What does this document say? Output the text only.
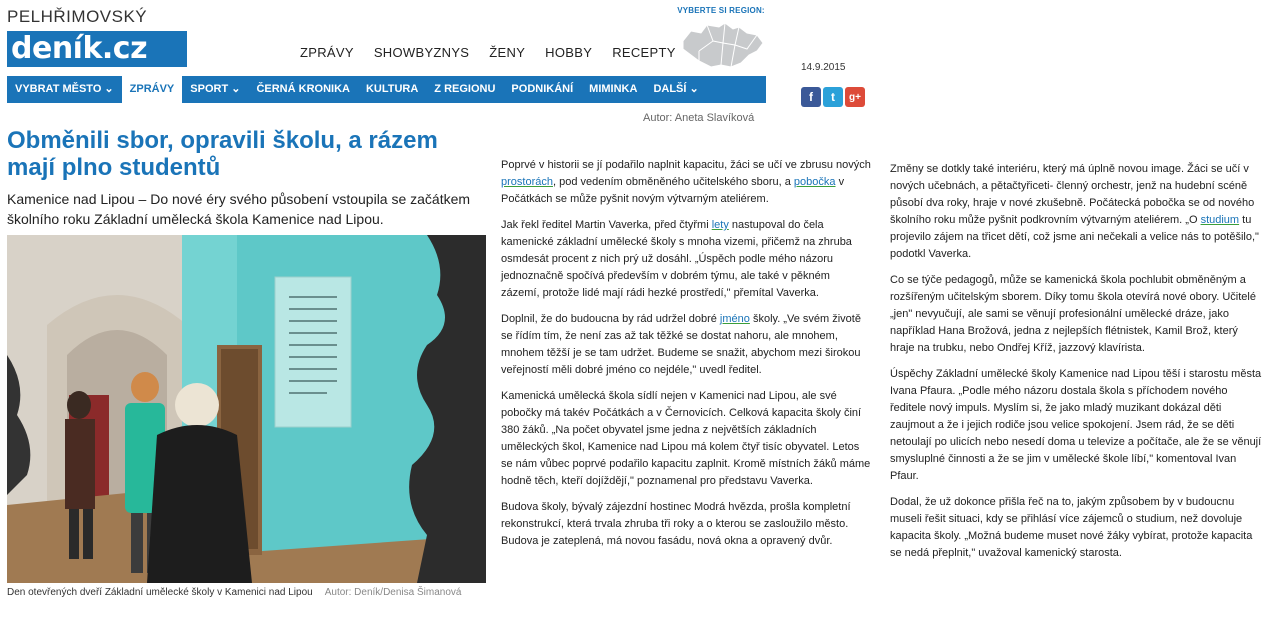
PELHŘIMOVSKÝ
deník.cz	ZPRÁVY SHOWBYZNYS ŽENY HOBBY RECEPTY
VYBERTE SI REGION:
14.9.2015
f	t	g+
VYBRAT MĚSTO ⌄	ZPRÁVY	SPORT ⌄	ČERNÁ KRONIKA	KULTURA	Z REGIONU	PODNIKÁNÍ	MIMINKA	DALŠÍ ⌄
Autor: Aneta Slavíková
Obměnili sbor, opravili školu, a rázem mají plno studentů
Kamenice nad Lipou – Do nové éry svého působení vstoupila se začátkem školního roku Základní umělecká škola Kamenice nad Lipou.
Den otevřených dveří Základní umělecké školy v Kamenici nad Lipou Autor: Deník/Denisa Šimanová

Poprvé v historii se jí podařilo naplnit kapacitu, žáci se učí ve zbrusu nových prostorách, pod vedením obměněného učitelského sboru, a pobočka v Počátkách se může pyšnit novým výtvarným ateliérem.

Jak řekl ředitel Martin Vaverka, před čtyřmi lety nastupoval do čela kamenické základní umělecké školy s mnoha vizemi, přičemž na zhruba osmdesát procent z nich prý už dosáhl. „Úspěch podle mého názoru jednoznačně spočívá především v dobrém týmu, ale také v pěkném zázemí, protože lidé mají rádi hezké prostředí," přemítal Vaverka.

Doplnil, že do budoucna by rád udržel dobré jméno školy. „Ve svém životě se řídím tím, že není zas až tak těžké se dostat nahoru, ale mnohem, mnohem těžší je se tam udržet. Budeme se snažit, abychom mezi širokou veřejností měli dobré jméno co nejdéle," uvedl ředitel.

Kamenická umělecká škola sídlí nejen v Kamenici nad Lipou, ale své pobočky má takév Počátkách a v Černovicích. Celková kapacita školy činí 380 žáků. „Na počet obyvatel jsme jedna z největších základních uměleckých škol, Kamenice nad Lipou má kolem čtyř tisíc obyvatel. Letos se nám vůbec poprvé podařilo kapacitu zaplnit. Kromě místních žáků máme hodně těch, kteří dojíždějí," poznamenal pro představu Vaverka.

Budova školy, bývalý zájezdní hostinec Modrá hvězda, prošla kompletní rekonstrukcí, která trvala zhruba tři roky a o kterou se zasloužilo město. Budova je zateplená, má novou fasádu, nová okna a opravený dvůr.

Změny se dotkly také interiéru, který má úplně novou image. Žáci se učí v nových učebnách, a pětačtyřiceti- členný orchestr, jenž na hudební scéně působí dva roky, hraje v nové zkušebně. Počátecká pobočka se od nového školního roku může pyšnit podkrovním výtvarným ateliérem. „O studium tu projevilo zájem na třicet dětí, což jsme ani nečekali a velice nás to potěšilo," podotkl Vaverka.

Co se týče pedagogů, může se kamenická škola pochlubit obměněným a rozšířeným učitelským sborem. Díky tomu škola otevírá nové obory. Učitelé „jen" nevyučují, ale sami se věnují profesionální umělecké dráze, jako například Hana Brožová, jedna z nejlepších flétnistek, Kamil Brož, který hraje na trubku, nebo Ondřej Kříž, jazzový klavírista.

Úspěchy Základní umělecké školy Kamenice nad Lipou těší i starostu města Ivana Pfaura. „Podle mého názoru dostala škola s příchodem nového ředitele nový impuls. Myslím si, že jako mladý muzikant dokázal děti zaujmout a že i jejich rodiče jsou velice spokojení. Jsem rád, že se děti netoulají po ulicích nebo nesedí doma u televize a počítače, ale že se věnují smysluplné činnosti a že se jim v umělecké škole líbí," komentoval Ivan Pfaur.

Dodal, že už dokonce přišla řeč na to, jakým způsobem by v budoucnu museli řešit situaci, kdy se přihlásí více zájemců o studium, než dovoluje kapacita školy. „Možná budeme muset nové žáky vybírat, protože kapacita se nedá přeplnit," uvažoval kamenický starosta.
